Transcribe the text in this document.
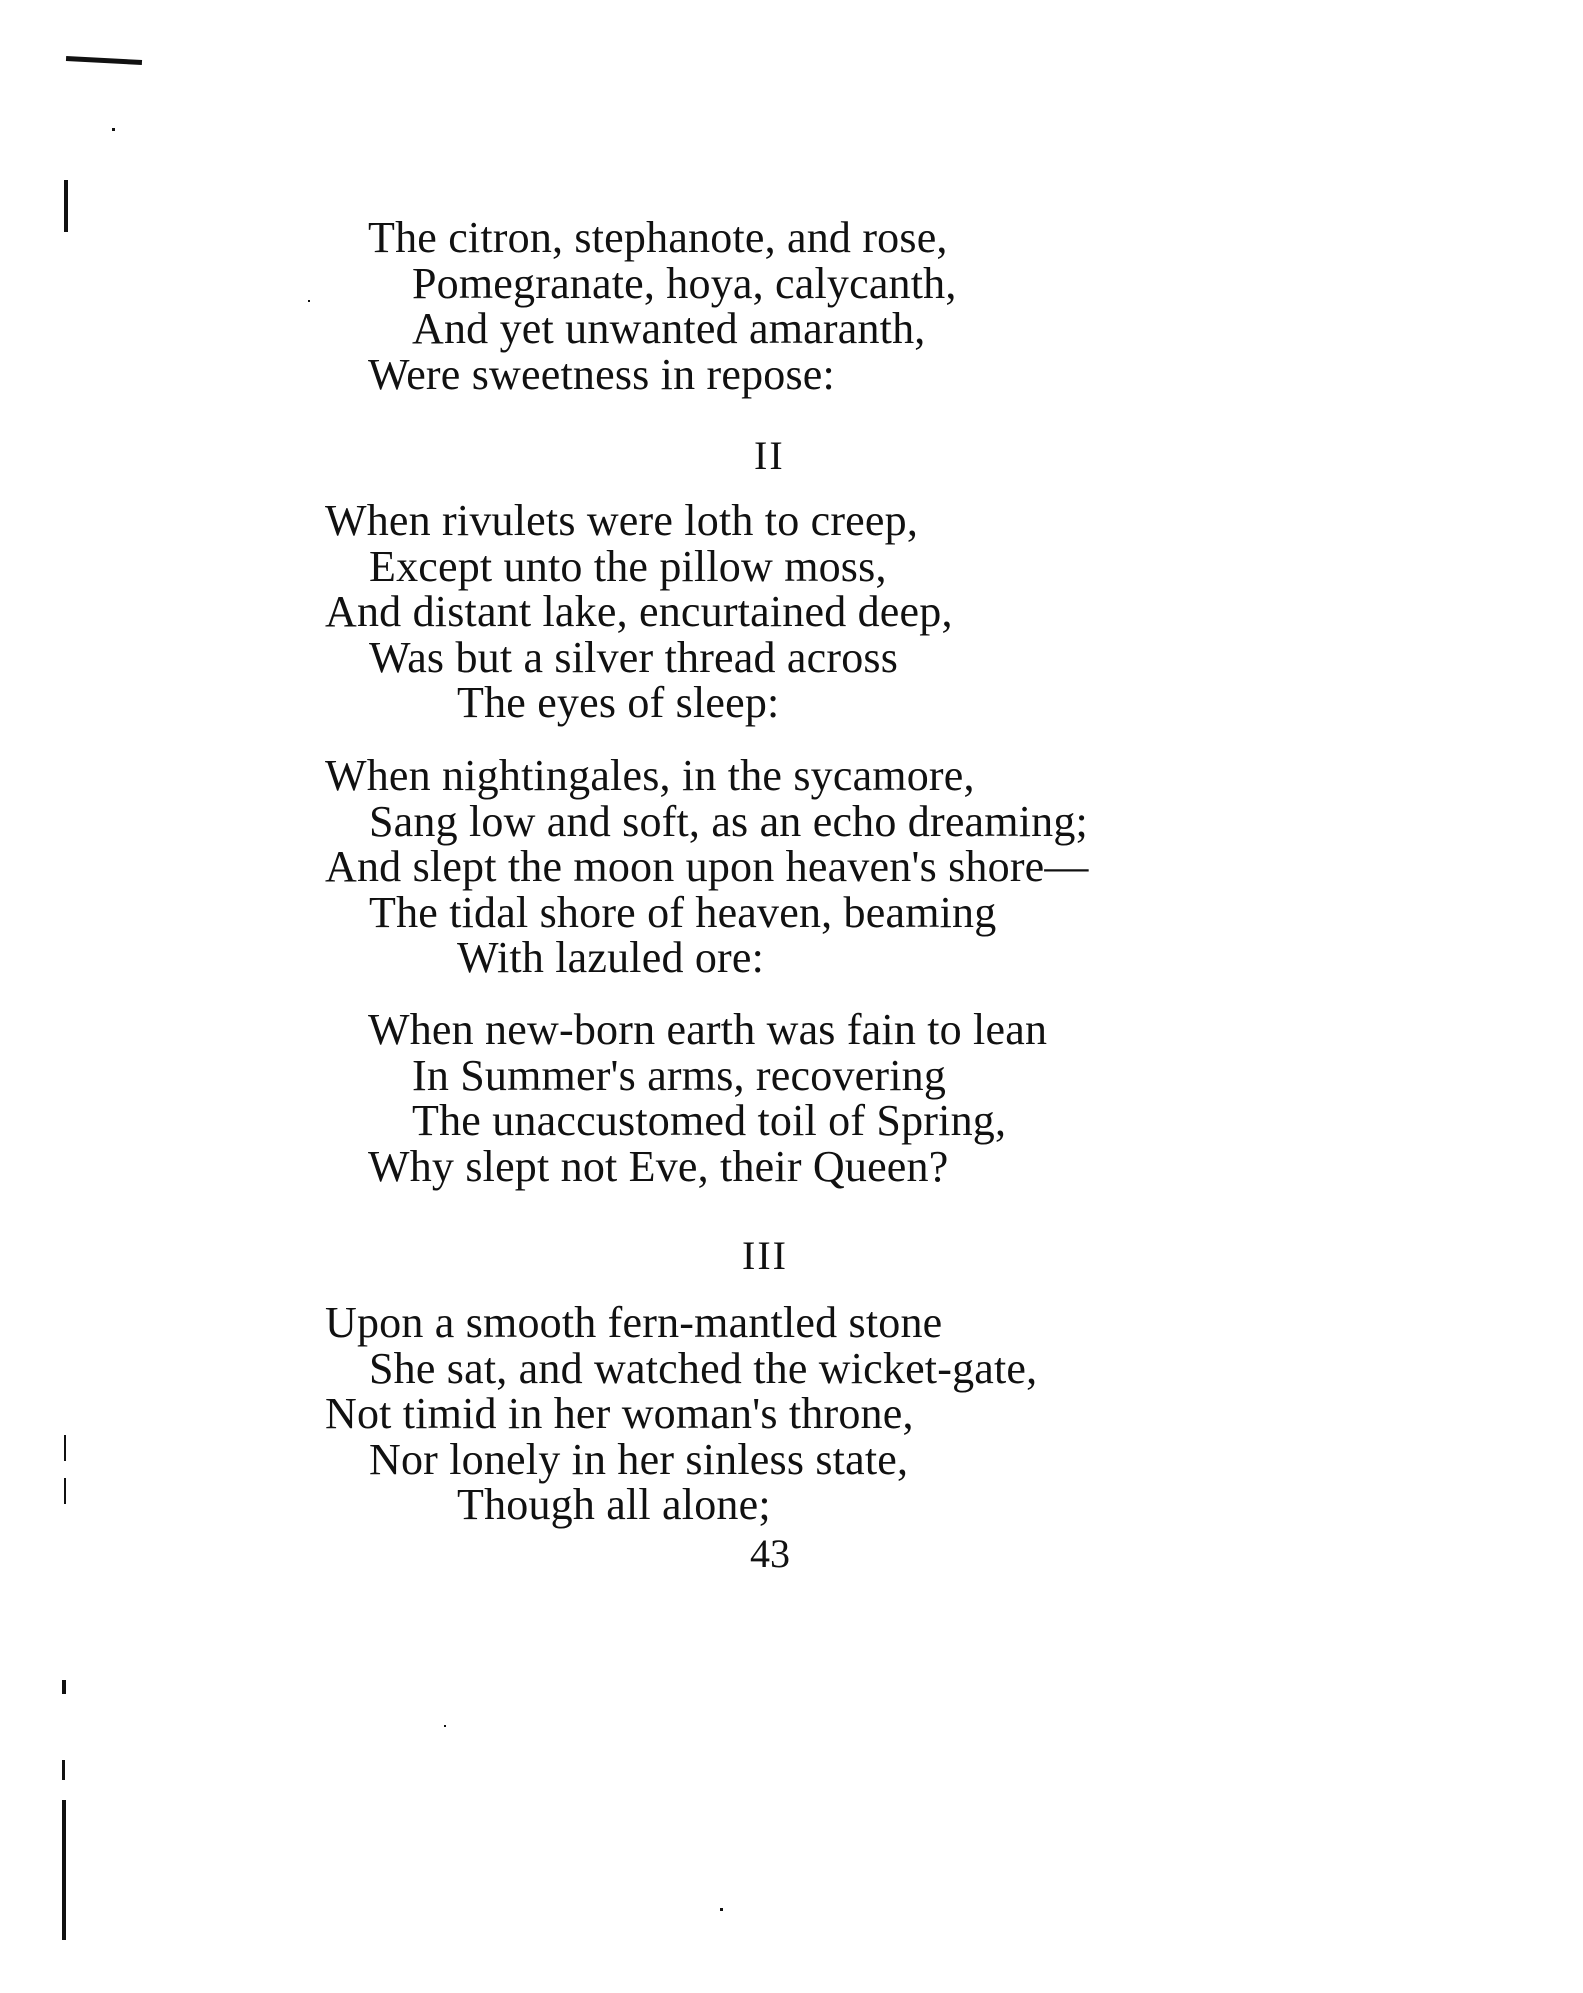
The citron, stephanote, and rose,
Pomegranate, hoya, calycanth,
And yet unwanted amaranth,
Were sweetness in repose:
II
When rivulets were loth to creep,
Except unto the pillow moss,
And distant lake, encurtained deep,
Was but a silver thread across
The eyes of sleep:
When nightingales, in the sycamore,
Sang low and soft, as an echo dreaming;
And slept the moon upon heaven's shore—
The tidal shore of heaven, beaming
With lazuled ore:
When new-born earth was fain to lean
In Summer's arms, recovering
The unaccustomed toil of Spring,
Why slept not Eve, their Queen?
III
Upon a smooth fern-mantled stone
She sat, and watched the wicket-gate,
Not timid in her woman's throne,
Nor lonely in her sinless state,
Though all alone;
43
